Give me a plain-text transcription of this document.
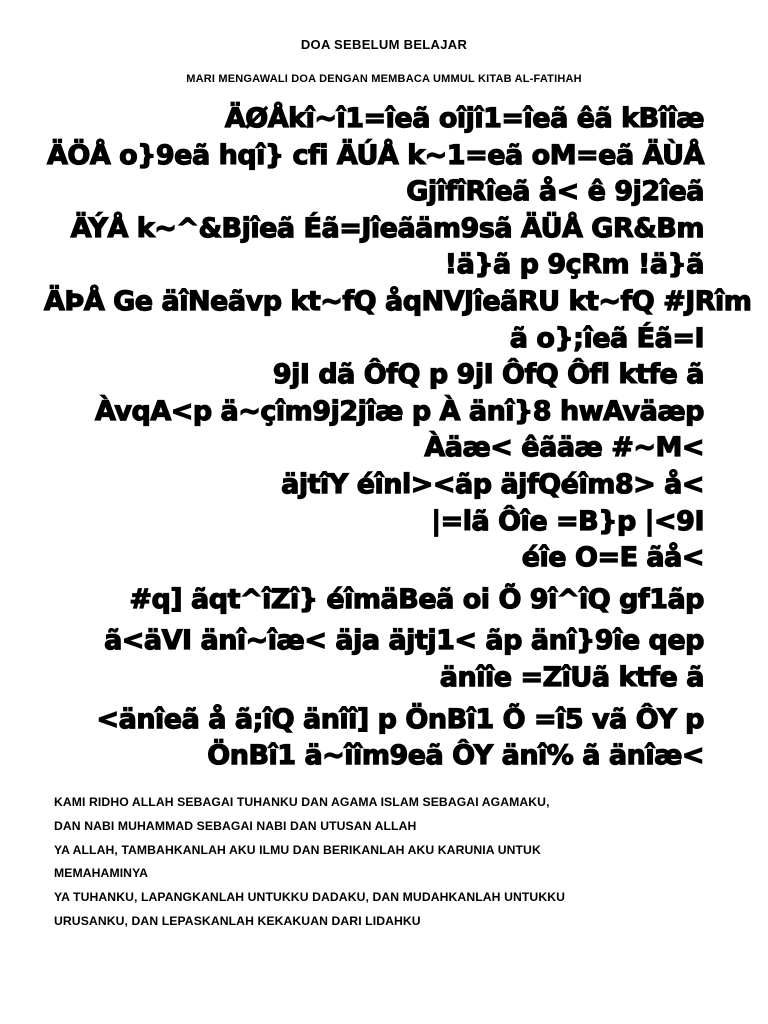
DOA SEBELUM BELAJAR
MARI MENGAWALI DOA DENGAN MEMBACA UMMUL KITAB AL-FATIHAH
ÄØÅkî~î1=îeã oîjî1=îeã êã kBîîæ
ÄÖÅ o}9eã hqî} cfi ÄÚÅ k~1=eã oM=eã ÄÙÅ
GjîfîRîeã å< ê 9j2îeã
ÄÝÅ k~^&Bjîeã Éã=Jîeãäm9sã ÄÜÅ GR&Bm
!ä}ã p 9çRm !ä}ã
ÄÞÅ Ge äîNeãvp kt~fQ åqNVJîeãRU kt~fQ #JRîm
ã o};îeã Éã=I
9jI dã ÔfQ p 9jI ÔfQ Ôfl ktfe ã
ÀvqA<p ä~çîm9j2jîæ p À änî}8 hwAväæp
Àäæ< êãäæ #~M<
äjtîY éînl><ãp äjfQéîm8> å<
|=lã Ôîe =B}p |<9I
éîe O=E ãå<
#q] ãqt^îZî} éîmäBeã oi Õ 9î^îQ gf1ãp
ã<äVI änî~îæ< äja äjtj1< ãp änî}9îe qep
änîîe =ZîUã ktfe ã
<änîeã å ã;îQ änîî] p ÖnBî1 Õ =î5 vã ÔY p
ÖnBî1 ä~îîm9eã ÔY änî% ã änîæ<
KAMI RIDHO ALLAH SEBAGAI TUHANKU DAN AGAMA ISLAM SEBAGAI AGAMAKU,
DAN NABI MUHAMMAD SEBAGAI NABI DAN UTUSAN ALLAH
YA ALLAH, TAMBAHKANLAH AKU ILMU DAN BERIKANLAH AKU KARUNIA UNTUK
MEMAHAMINYA
YA TUHANKU, LAPANGKANLAH UNTUKKU DADAKU, DAN MUDAHKANLAH UNTUKKU
URUSANKU, DAN LEPASKANLAH KEKAKUAN DARI LIDAHKU
